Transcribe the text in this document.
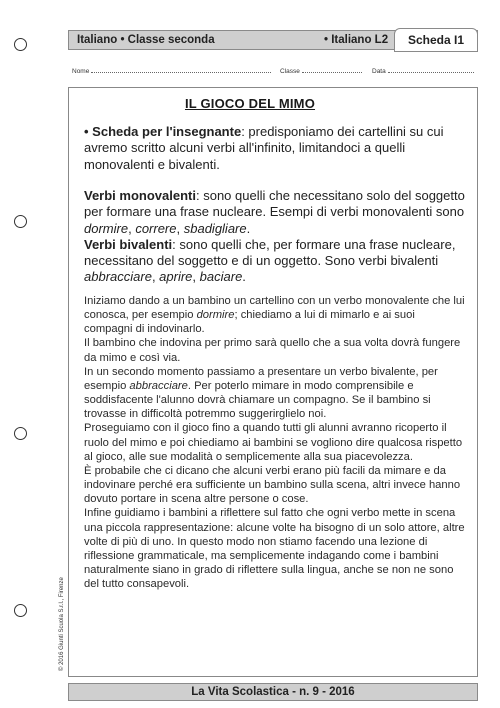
Italiano • Classe seconda	• Italiano L2	Scheda I1
Nome	Classe	Data
IL GIOCO DEL MIMO

• Scheda per l'insegnante: predisponiamo dei cartellini su cui avremo scritto alcuni verbi all'infinito, limitandoci a quelli monovalenti e bivalenti.

Verbi monovalenti: sono quelli che necessitano solo del soggetto per formare una frase nucleare. Esempi di verbi monovalenti sono dormire, correre, sbadigliare.

Verbi bivalenti: sono quelli che, per formare una frase nucleare, necessitano del soggetto e di un oggetto. Sono verbi bivalenti abbracciare, aprire, baciare.

Iniziamo dando a un bambino un cartellino con un verbo monovalente che lui conosca, per esempio dormire; chiediamo a lui di mimarlo e ai suoi compagni di indovinarlo.

Il bambino che indovina per primo sarà quello che a sua volta dovrà fungere da mimo e così via.

In un secondo momento passiamo a presentare un verbo bivalente, per esempio abbracciare. Per poterlo mimare in modo comprensibile e soddisfacente l'alunno dovrà chiamare un compagno. Se il bambino si trovasse in difficoltà potremmo suggerirglielo noi.

Proseguiamo con il gioco fino a quando tutti gli alunni avranno ricoperto il ruolo del mimo e poi chiediamo ai bambini se vogliono dire qualcosa rispetto al gioco, alle sue modalità o semplicemente alla sua piacevolezza.

È probabile che ci dicano che alcuni verbi erano più facili da mimare e da indovinare perché era sufficiente un bambino sulla scena, altri invece hanno dovuto portare in scena altre persone o cose.

Infine guidiamo i bambini a riflettere sul fatto che ogni verbo mette in scena una piccola rappresentazione: alcune volte ha bisogno di un solo attore, altre volte di più di uno. In questo modo non stiamo facendo una lezione di riflessione grammaticale, ma semplicemente indagando come i bambini naturalmente siano in grado di riflettere sulla lingua, anche se non ne sono del tutto consapevoli.

© 2016 Giunti Scuola S.r.l., Firenze
La Vita Scolastica - n. 9 - 2016
